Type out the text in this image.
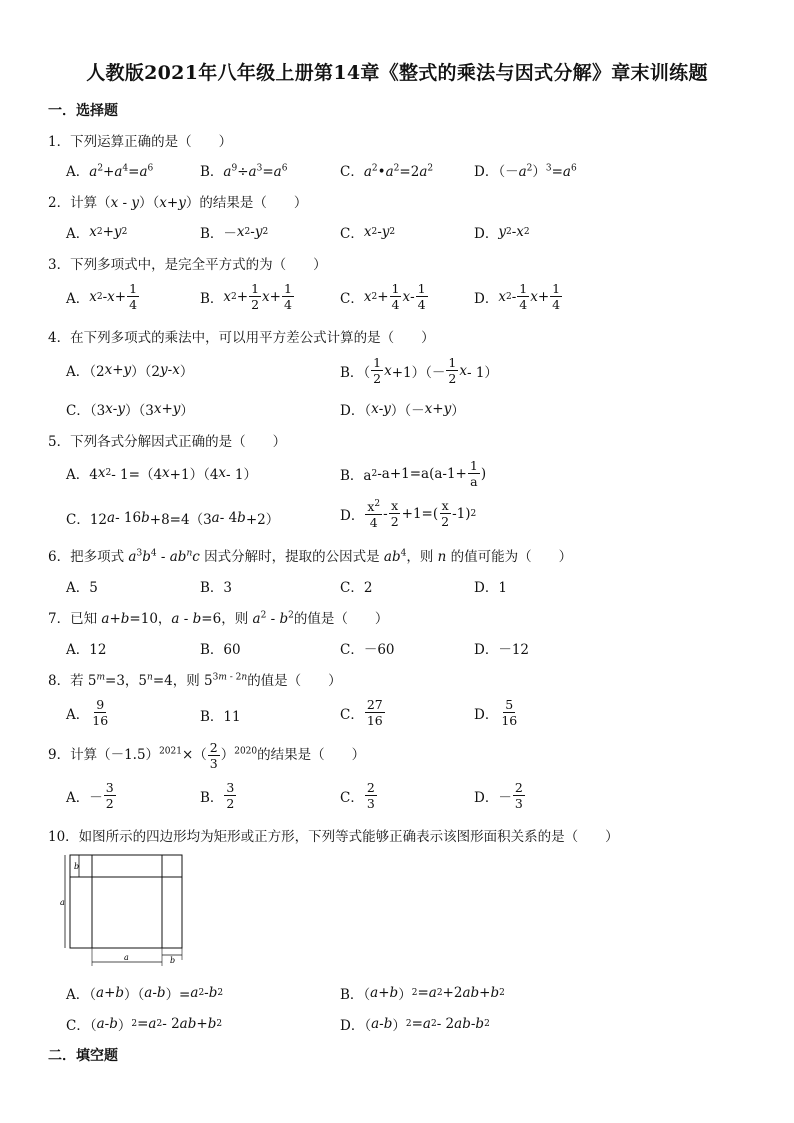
人教版2021年八年级上册第14章《整式的乘法与因式分解》章末训练题
一．选择题
1．下列运算正确的是（　　）
A．$a^2+a^4=a^6$	B．$a^9\div a^3=a^6$	C．$a^2•a^2=2a^2$	D．$(-a^2)^3=a^6$
2．计算（x - y）（x+y）的结果是（　　）
A． x 2 + y 2	B．－ x 2 - y 2	C． x 2 - y 2	D． y 2 - x 2
3．下列多项式中，是完全平方式的为（　　）
A． x $2 - x + \frac{1}{4}$	B． x $2 + \frac{1}{2}$ $x + \frac{1}{4}$	C． x $2 + \frac{1}{4}$ x - $\frac{1}{4}$	D． x $2 - \frac{1}{4}$ $x + \frac{1}{4}$
4．在下列多项式的乘法中，可以用平方差公式计算的是（　　）
A．（2 x + y ）（2 y - x ）	B．（ $\frac{1}{2}$ $x +1)(- \frac{1}{2}$ x - 1）
C．（3 x - y ）（3 x + y ）	D．（ x - y ）（－ x + y ）
5．下列各式分解因式正确的是（　　）
A．4 x 2 - 1=（4 x +1）（4 x - 1）	B．a 2 $-a+1=a(a-1+ \frac{1}{a}$ )
C．12 a - 16 b +8=4（3 a - 4 b +2）	D． $\frac{x^2}{4} - \frac{x}{2} +1=( \frac{x}{2} -1)$ 2
6．把多项式 $a^3b^4 - ab^nc$ 因式分解时，提取的公因式是 $ab^4$，则 n 的值可能为（　　）
A．5	B．3	C．2	D．1
7．已知 a+b=10，a - b=6，则 $a^2 - b^2$的值是（　　）
A．12	B．60	C．－60	D．－12
8．若 $5^m=3$，$5^n=4$，则 $5^{3m - 2n}$的值是（　　）
A． $\frac{9}{16}$	B．11	C． $\frac{27}{16}$	D． $\frac{5}{16}$
9．计算$(-1.5)^{2021}\times( \frac{2}{3} )^{2020}$的结果是（　　）
A．－ $\frac{3}{2}$	B． $\frac{3}{2}$	C． $\frac{2}{3}$	D．－ $\frac{2}{3}$
10．如图所示的四边形均为矩形或正方形，下列等式能够正确表示该图形面积关系的是（　　）
b
a
a	b
A．（ a + b ）（ a - b ）= a 2 - b 2	B．（ a + b ） 2 = a 2 +2 ab + b 2
C．（ a - b ） 2 = a 2 - 2 ab + b 2	D．（ a - b ） 2 = a 2 - 2 ab - b 2
二．填空题
